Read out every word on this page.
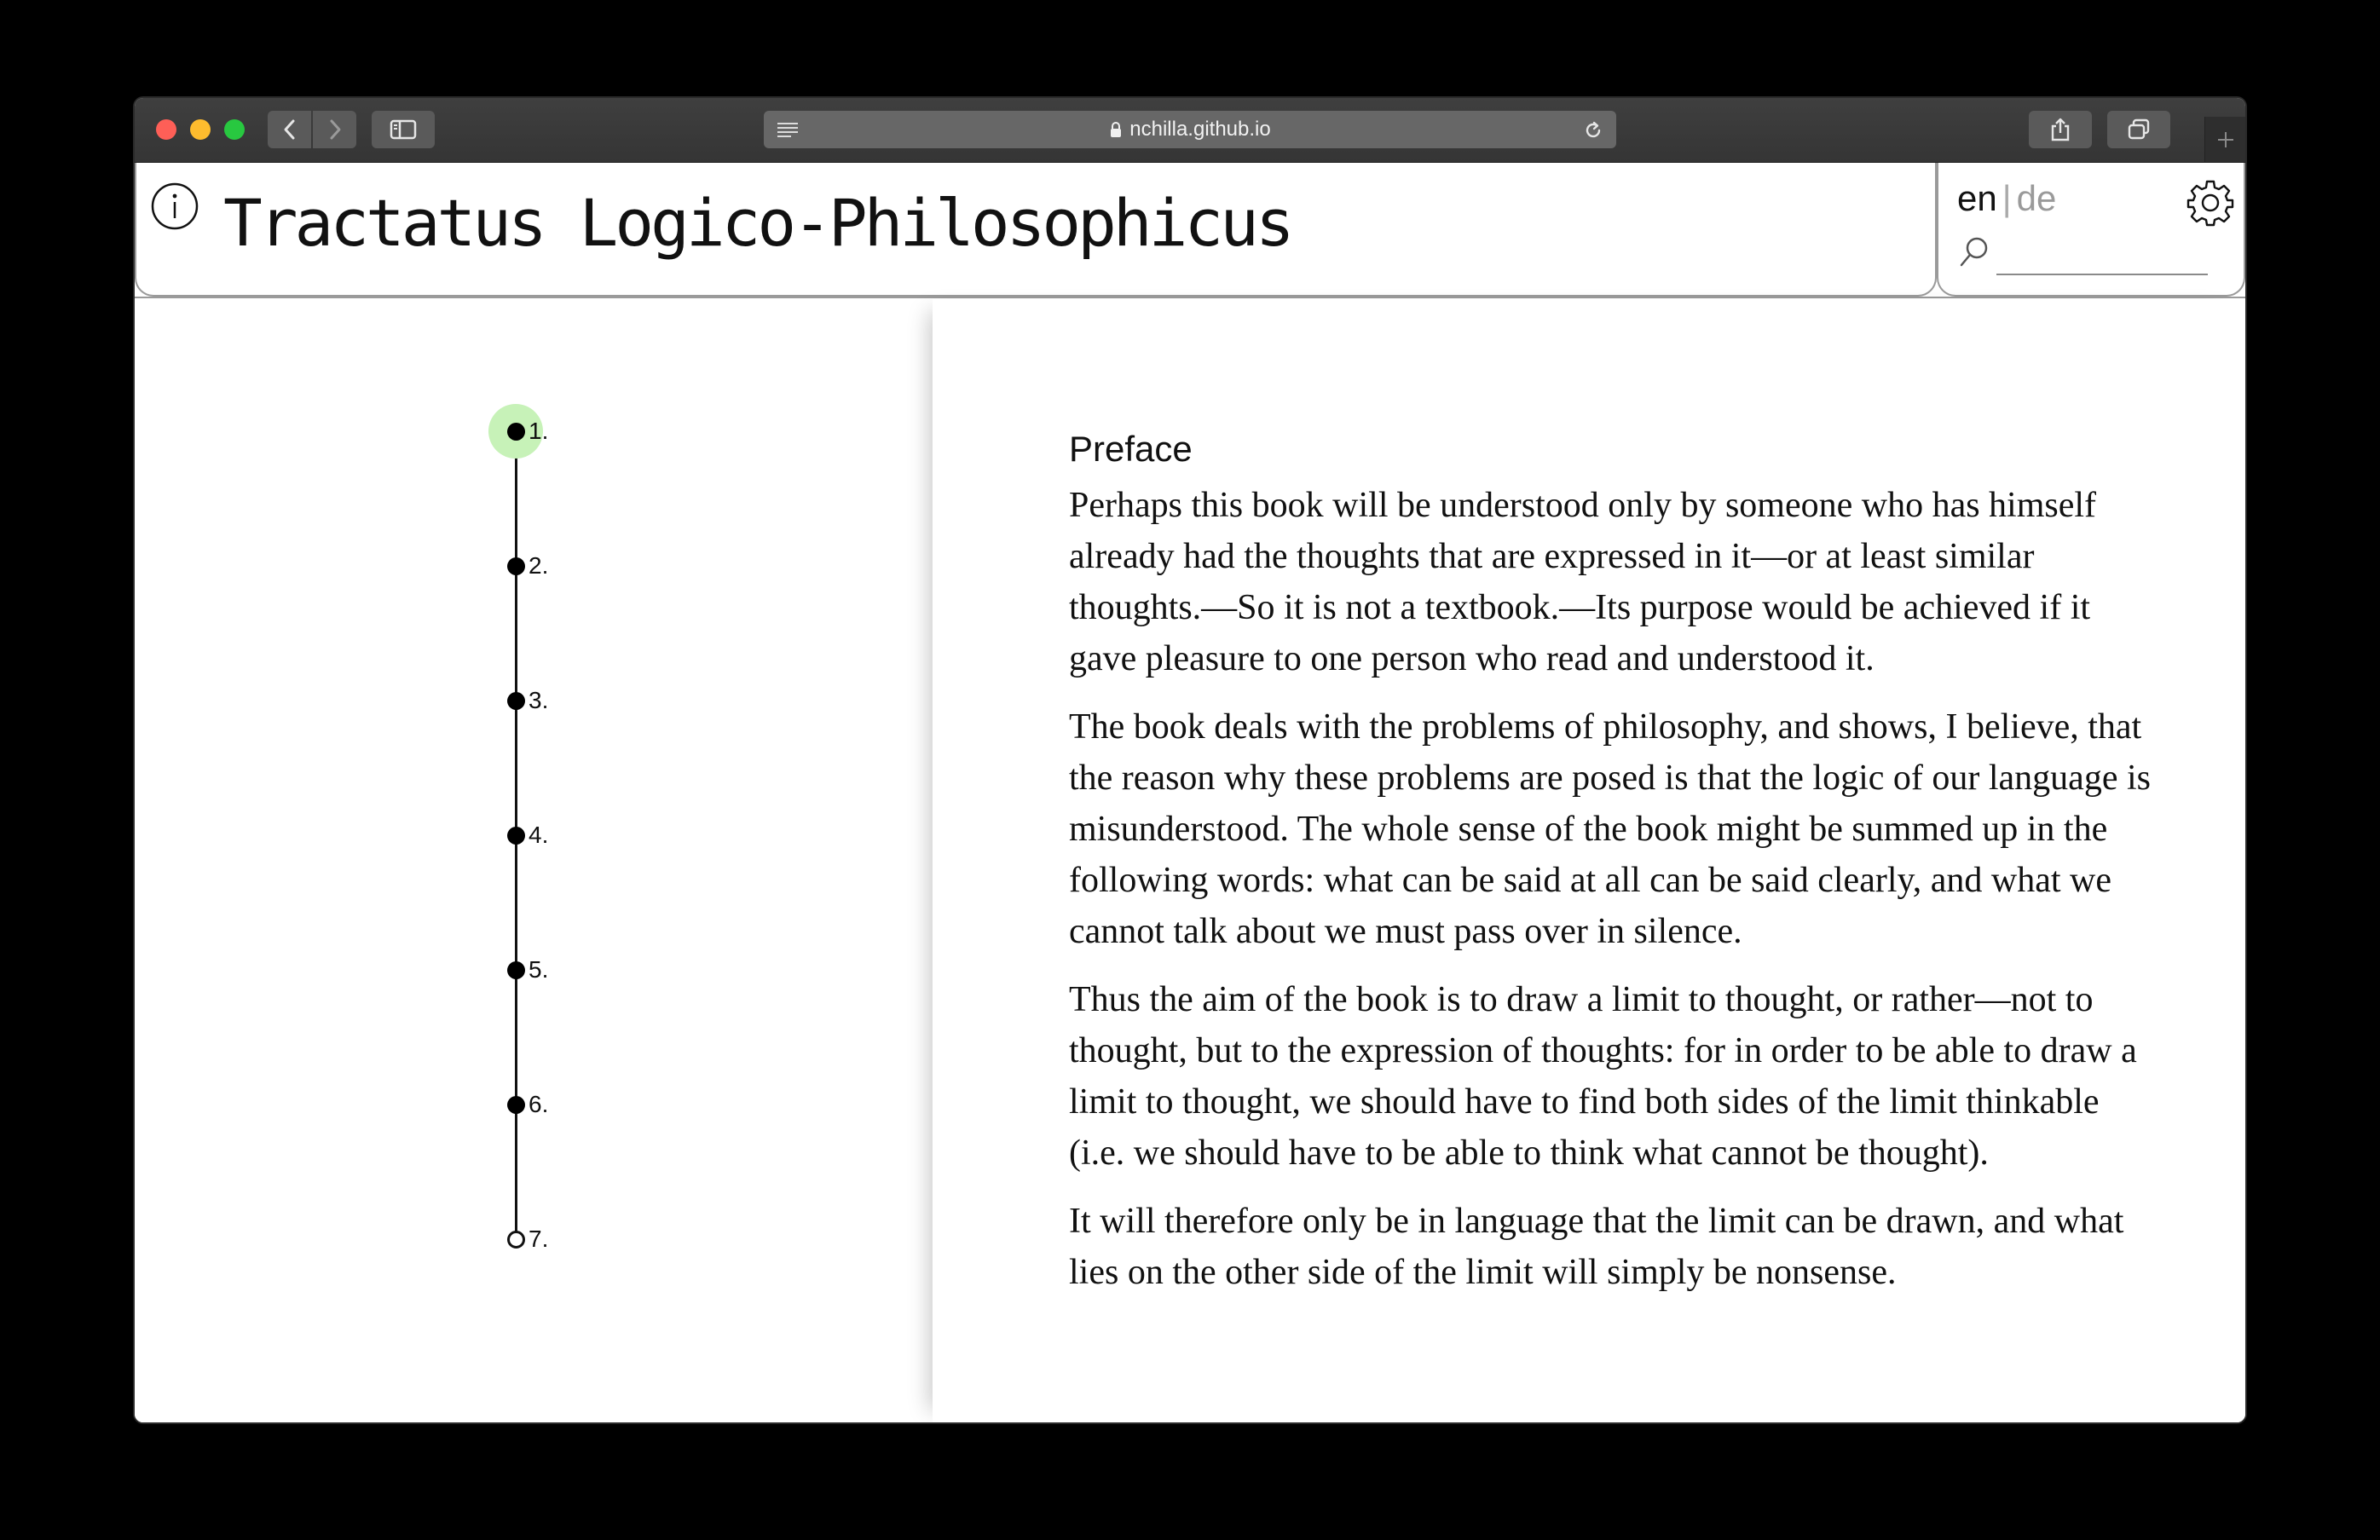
nchilla.github.io
Tractatus Logico-Philosophicus	en | de
1.
2.
3.
4.
5.
6.
7.
Preface

Perhaps this book will be understood only by someone who has himself already had the thoughts that are expressed in it—or at least similar thoughts.—So it is not a textbook.—Its purpose would be achieved if it gave pleasure to one person who read and understood it.

The book deals with the problems of philosophy, and shows, I believe, that the reason why these problems are posed is that the logic of our language is misunderstood. The whole sense of the book might be summed up in the following words: what can be said at all can be said clearly, and what we cannot talk about we must pass over in silence.

Thus the aim of the book is to draw a limit to thought, or rather—not to thought, but to the expression of thoughts: for in order to be able to draw a limit to thought, we should have to find both sides of the limit thinkable (i.e. we should have to be able to think what cannot be thought).

It will therefore only be in language that the limit can be drawn, and what lies on the other side of the limit will simply be nonsense.
